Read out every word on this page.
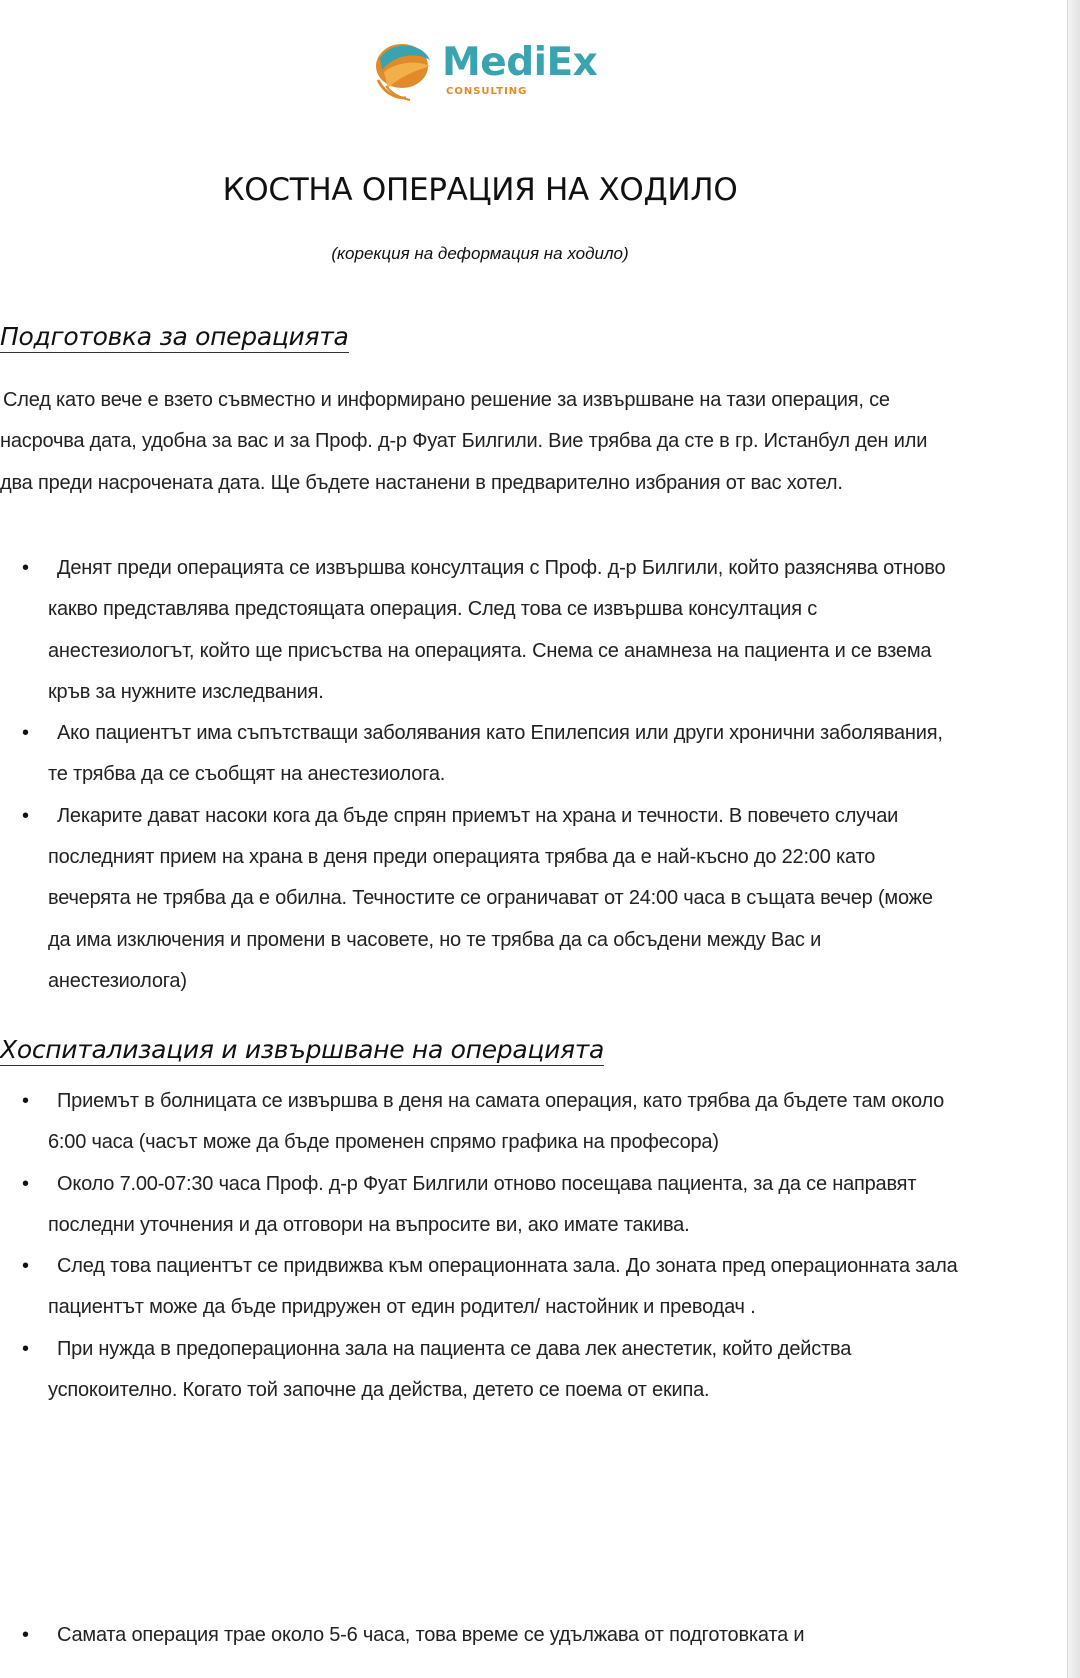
MediEx
CONSULTING
КОСТНА ОПЕРАЦИЯ НА ХОДИЛО
(корекция на деформация на ходило)
Подготовка за операцията

След като вече е взето съвместно и информирано решение за извършване на тази операция, се насрочва дата, удобна за вас и за Проф. д-р Фуат Билгили. Вие трябва да сте в гр. Истанбул ден или два преди насрочената дата. Ще бъдете настанени в предварително избрания от вас хотел.

• Денят преди операцията се извършва консултация с Проф. д-р Билгили, който разяснява отново какво представлява предстоящата операция. След това се извършва консултация с анестезиологът, който ще присъства на операцията. Снема се анамнеза на пациента и се взема кръв за нужните изследвания.
• Ако пациентът има съпътстващи заболявания като Епилепсия или други хронични заболявания, те трябва да се съобщят на анестезиолога.
• Лекарите дават насоки кога да бъде спрян приемът на храна и течности. В повечето случаи последният прием на храна в деня преди операцията трябва да е най-късно до 22:00 като вечерята не трябва да е обилна. Течностите се ограничават от 24:00 часа в същата вечер (може да има изключения и промени в часовете, но те трябва да са обсъдени между Вас и анестезиолога)
Хоспитализация и извършване на операцията
• Приемът в болницата се извършва в деня на самата операция, като трябва да бъдете там около 6:00 часа (часът може да бъде променен спрямо графика на професора)
• Около 7.00-07:30 часа Проф. д-р Фуат Билгили отново посещава пациента, за да се направят последни уточнения и да отговори на въпросите ви, ако имате такива.
• След това пациентът се придвижва към операционната зала. До зоната пред операционната зала пациентът може да бъде придружен от един родител/ настойник и преводач .
• При нужда в предоперационна зала на пациента се дава лек анестетик, който действа успокоително. Когато той започне да действа, детето се поема от екипа.
• Самата операция трае около 5-6 часа, това време се удължава от подготовката и
